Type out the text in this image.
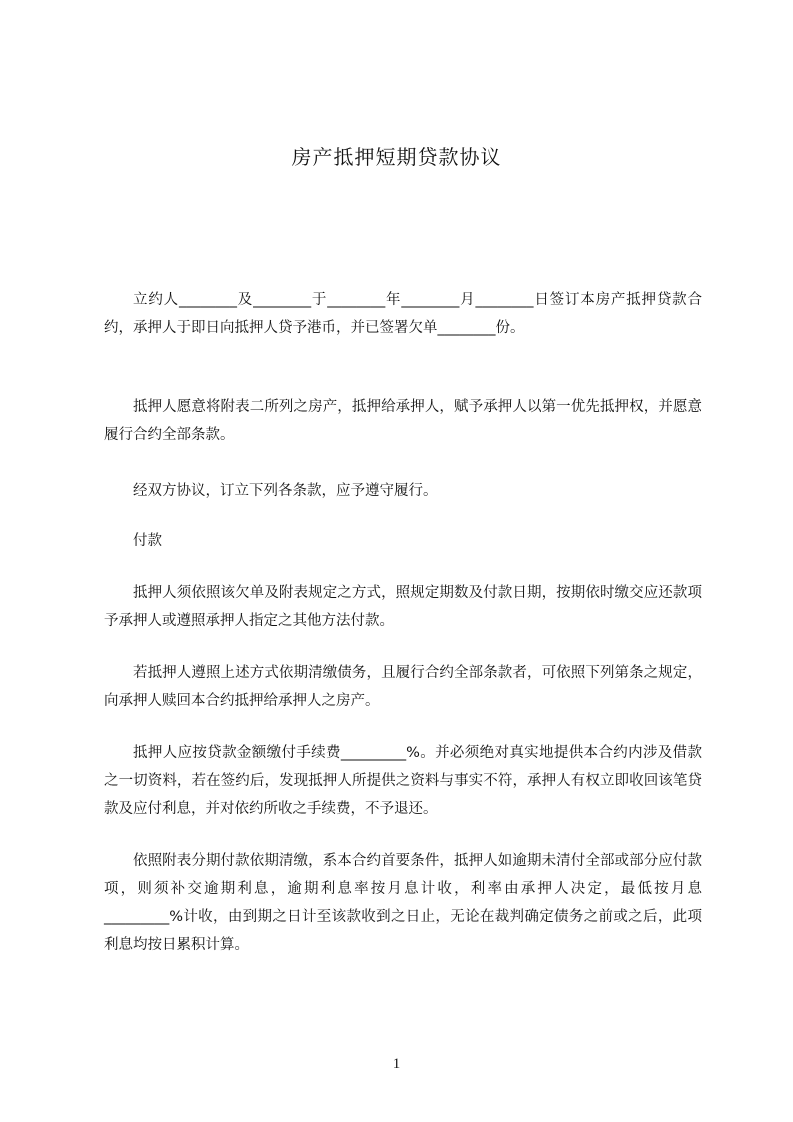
房产抵押短期贷款协议
立约人________及________于________年________月________日签订本房产抵押贷款合约，承押人于即日向抵押人贷予港币，并已签署欠单________份。
抵押人愿意将附表二所列之房产，抵押给承押人，赋予承押人以第一优先抵押权，并愿意履行合约全部条款。
经双方协议，订立下列各条款，应予遵守履行。
付款
抵押人须依照该欠单及附表规定之方式，照规定期数及付款日期，按期依时缴交应还款项予承押人或遵照承押人指定之其他方法付款。
若抵押人遵照上述方式依期清缴债务，且履行合约全部条款者，可依照下列第条之规定，向承押人赎回本合约抵押给承押人之房产。
抵押人应按贷款金额缴付手续费_________%。并必须绝对真实地提供本合约内涉及借款之一切资料，若在签约后，发现抵押人所提供之资料与事实不符，承押人有权立即收回该笔贷款及应付利息，并对依约所收之手续费，不予退还。
依照附表分期付款依期清缴，系本合约首要条件，抵押人如逾期未清付全部或部分应付款项，则须补交逾期利息，逾期利息率按月息计收，利率由承押人决定，最低按月息_________%计收，由到期之日计至该款收到之日止，无论在裁判确定债务之前或之后，此项利息均按日累积计算。
1
